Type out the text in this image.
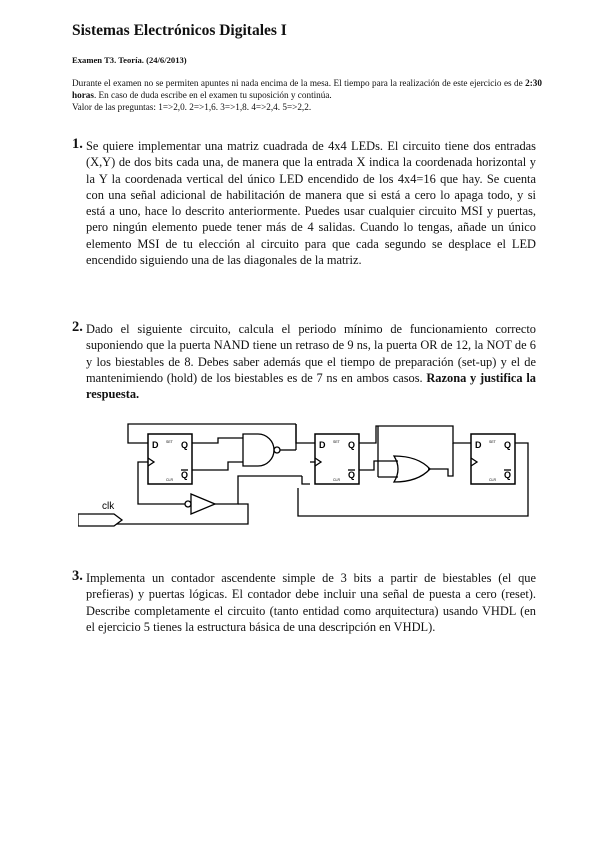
Sistemas Electrónicos Digitales I
Examen T3. Teoría. (24/6/2013)
Durante el examen no se permiten apuntes ni nada encima de la mesa. El tiempo para la realización de este ejercicio es de 2:30 horas. En caso de duda escribe en el examen tu suposición y continúa.
Valor de las preguntas: 1=>2,0. 2=>1,6. 3=>1,8. 4=>2,4. 5=>2,2.
1. Se quiere implementar una matriz cuadrada de 4x4 LEDs. El circuito tiene dos entradas (X,Y) de dos bits cada una, de manera que la entrada X indica la coordenada horizontal y la Y la coordenada vertical del único LED encendido de los 4x4=16 que hay. Se cuenta con una señal adicional de habilitación de manera que si está a cero lo apaga todo, y si está a uno, hace lo descrito anteriormente. Puedes usar cualquier circuito MSI y puertas, pero ningún elemento puede tener más de 4 salidas. Cuando lo tengas, añade un único elemento MSI de tu elección al circuito para que cada segundo se desplace el LED encendido siguiendo una de las diagonales de la matriz.
2. Dado el siguiente circuito, calcula el periodo mínimo de funcionamiento correcto suponiendo que la puerta NAND tiene un retraso de 9 ns, la puerta OR de 12, la NOT de 6 y los biestables de 8. Debes saber además que el tiempo de preparación (set-up) y el de mantenimiendo (hold) de los biestables es de 7 ns en ambos casos. Razona y justifica la respuesta.
D	Q
Q
SET
CLR
D	Q
Q
SET
CLR
D	Q
Q
SET
CLR
clk
3. Implementa un contador ascendente simple de 3 bits a partir de biestables (el que prefieras) y puertas lógicas. El contador debe incluir una señal de puesta a cero (reset). Describe completamente el circuito (tanto entidad como arquitectura) usando VHDL (en el ejercicio 5 tienes la estructura básica de una descripción en VHDL).
